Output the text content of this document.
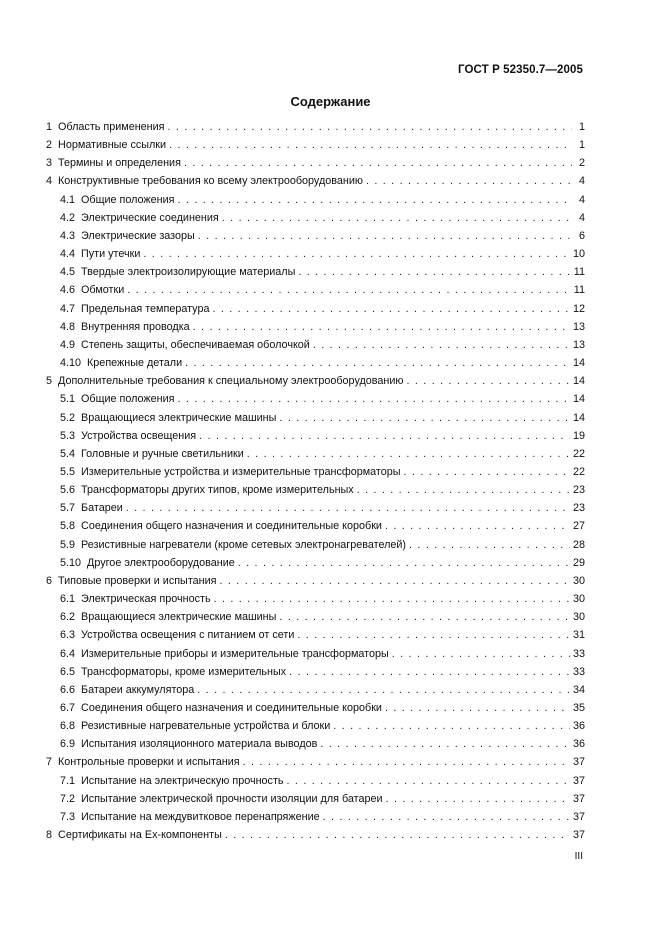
ГОСТ Р 52350.7—2005
Содержание
1 Область применения . . .	1
2 Нормативные ссылки . . .	1
3 Термины и определения . . .	2
4 Конструктивные требования ко всему электрооборудованию . . .	4
4.1 Общие положения . . .	4
4.2 Электрические соединения . . .	4
4.3 Электрические зазоры . . .	6
4.4 Пути утечки . . .	10
4.5 Твердые электроизолирующие материалы . . .	11
4.6 Обмотки . . .	11
4.7 Предельная температура . . .	12
4.8 Внутренняя проводка . . .	13
4.9 Степень защиты, обеспечиваемая оболочкой . . .	13
4.10 Крепежные детали . . .	14
5 Дополнительные требования к специальному электрооборудованию . . .	14
5.1 Общие положения . . .	14
5.2 Вращающиеся электрические машины . . .	14
5.3 Устройства освещения . . .	19
5.4 Головные и ручные светильники . . .	22
5.5 Измерительные устройства и измерительные трансформаторы . . .	22
5.6 Трансформаторы других типов, кроме измерительных . . .	23
5.7 Батареи . . .	23
5.8 Соединения общего назначения и соединительные коробки . . .	27
5.9 Резистивные нагреватели (кроме сетевых электронагревателей) . . .	28
5.10 Другое электрооборудование . . .	29
6 Типовые проверки и испытания . . .	30
6.1 Электрическая прочность . . .	30
6.2 Вращающиеся электрические машины . . .	30
6.3 Устройства освещения с питанием от сети . . .	31
6.4 Измерительные приборы и измерительные трансформаторы . . .	33
6.5 Трансформаторы, кроме измерительных . . .	33
6.6 Батареи аккумулятора . . .	34
6.7 Соединения общего назначения и соединительные коробки . . .	35
6.8 Резистивные нагревательные устройства и блоки . . .	36
6.9 Испытания изоляционного материала выводов . . .	36
7 Контрольные проверки и испытания . . .	37
7.1 Испытание на электрическую прочность . . .	37
7.2 Испытание электрической прочности изоляции для батареи . . .	37
7.3 Испытание на междувитковое перенапряжение . . .	37
8 Сертификаты на Ex-компоненты . . .	37
III
